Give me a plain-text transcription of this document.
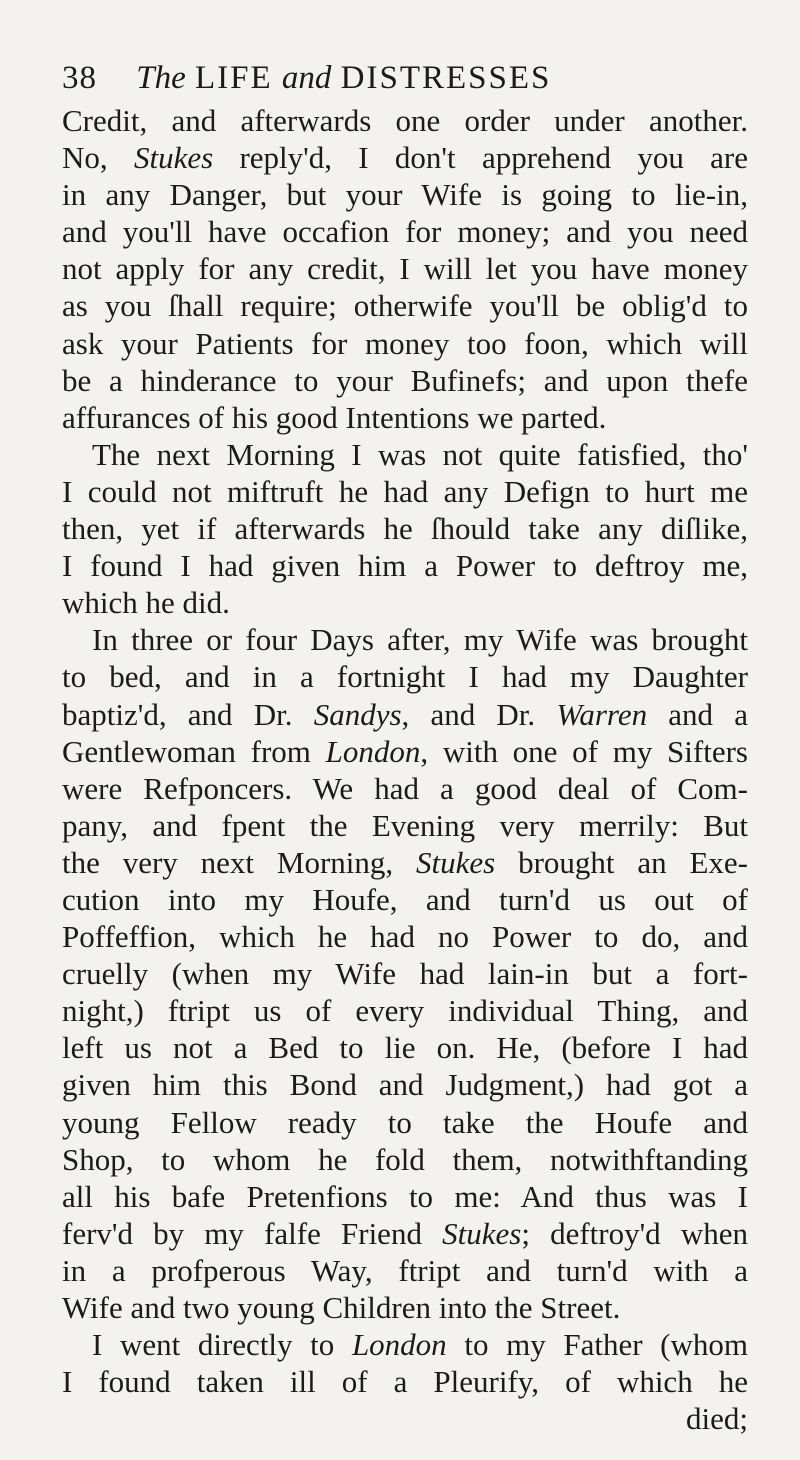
38 The LIFE and DISTRESSES
Credit, and afterwards one order under another.
No, Stukes reply'd, I don't apprehend you are
in any Danger, but your Wife is going to lie-in,
and you'll have occafion for money; and you need
not apply for any credit, I will let you have money
as you ſhall require; otherwife you'll be oblig'd to
ask your Patients for money too foon, which will
be a hinderance to your Bufinefs; and upon thefe
affurances of his good Intentions we parted.
The next Morning I was not quite fatisfied, tho'
I could not miftruft he had any Defign to hurt me
then, yet if afterwards he ſhould take any diſlike,
I found I had given him a Power to deftroy me,
which he did.
In three or four Days after, my Wife was brought
to bed, and in a fortnight I had my Daughter
baptiz'd, and Dr. Sandys, and Dr. Warren and a
Gentlewoman from London, with one of my Sifters
were Refponcers. We had a good deal of Com-
pany, and fpent the Evening very merrily: But
the very next Morning, Stukes brought an Exe-
cution into my Houfe, and turn'd us out of
Poffeffion, which he had no Power to do, and
cruelly (when my Wife had lain-in but a fort-
night,) ftript us of every individual Thing, and
left us not a Bed to lie on. He, (before I had
given him this Bond and Judgment,) had got a
young Fellow ready to take the Houfe and
Shop, to whom he fold them, notwithftanding
all his bafe Pretenfions to me: And thus was I
ferv'd by my falfe Friend Stukes; deftroy'd when
in a profperous Way, ftript and turn'd with a
Wife and two young Children into the Street.
I went directly to London to my Father (whom
I found taken ill of a Pleurify, of which he
died;
